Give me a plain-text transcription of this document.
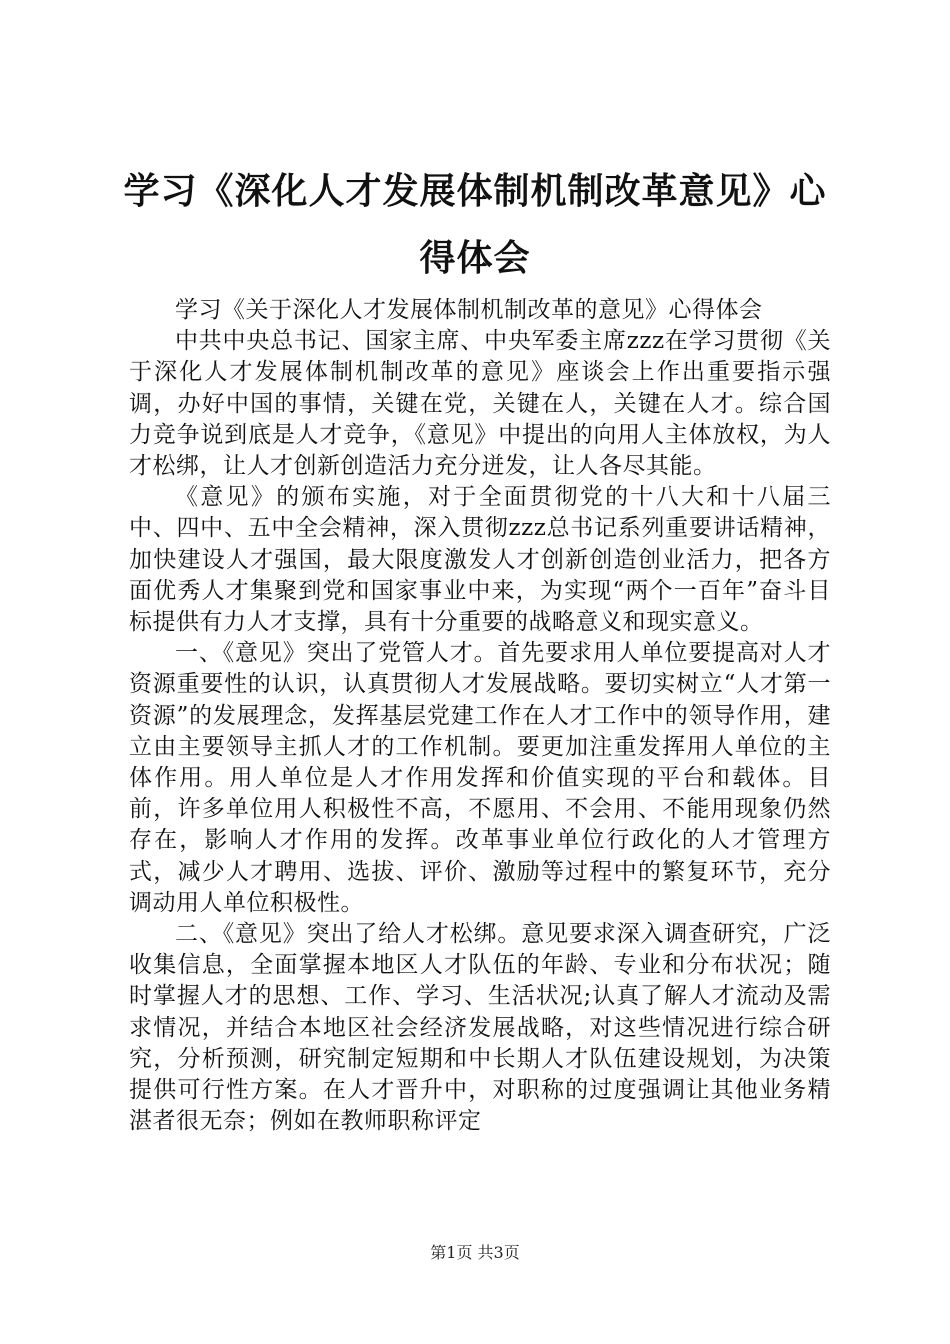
学习《深化人才发展体制机制改革意见》心得体会

学习《关于深化人才发展体制机制改革的意见》心得体会

中共中央总书记、国家主席、中央军委主席zzz在学习贯彻《关于深化人才发展体制机制改革的意见》座谈会上作出重要指示强调，办好中国的事情，关键在党，关键在人，关键在人才。综合国力竞争说到底是人才竞争，《意见》中提出的向用人主体放权，为人才松绑，让人才创新创造活力充分迸发，让人各尽其能。

《意见》的颁布实施，对于全面贯彻党的十八大和十八届三中、四中、五中全会精神，深入贯彻zzz总书记系列重要讲话精神，加快建设人才强国，最大限度激发人才创新创造创业活力，把各方面优秀人才集聚到党和国家事业中来，为实现“两个一百年”奋斗目标提供有力人才支撑，具有十分重要的战略意义和现实意义。

一、《意见》突出了党管人才。首先要求用人单位要提高对人才资源重要性的认识，认真贯彻人才发展战略。要切实树立“人才第一资源”的发展理念，发挥基层党建工作在人才工作中的领导作用，建立由主要领导主抓人才的工作机制。要更加注重发挥用人单位的主体作用。用人单位是人才作用发挥和价值实现的平台和载体。目前，许多单位用人积极性不高，不愿用、不会用、不能用现象仍然存在，影响人才作用的发挥。改革事业单位行政化的人才管理方式，减少人才聘用、选拔、评价、激励等过程中的繁复环节，充分调动用人单位积极性。

二、《意见》突出了给人才松绑。意见要求深入调查研究，广泛收集信息，全面掌握本地区人才队伍的年龄、专业和分布状况；随时掌握人才的思想、工作、学习、生活状况;认真了解人才流动及需求情况，并结合本地区社会经济发展战略，对这些情况进行综合研究，分析预测，研究制定短期和中长期人才队伍建设规划，为决策提供可行性方案。在人才晋升中，对职称的过度强调让其他业务精湛者很无奈；例如在教师职称评定

第1页 共3页
